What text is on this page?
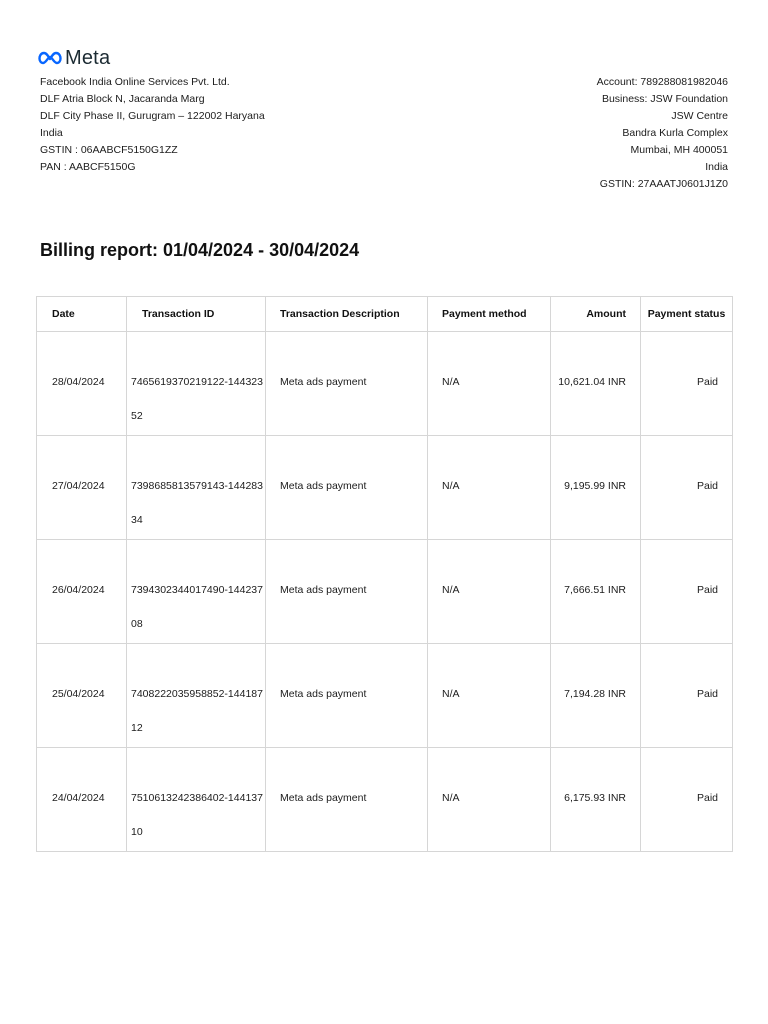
Meta
Facebook India Online Services Pvt. Ltd.
DLF Atria Block N, Jacaranda Marg
DLF City Phase II, Gurugram – 122002 Haryana
India
GSTIN : 06AABCF5150G1ZZ
PAN : AABCF5150G
Account: 789288081982046
Business: JSW Foundation
JSW Centre
Bandra Kurla Complex
Mumbai, MH 400051
India
GSTIN: 27AAATJ0601J1Z0
Billing report: 01/04/2024 - 30/04/2024
Date	Transaction ID	Transaction Description	Payment method	Amount	Payment status

28/04/2024	7465619370219122-144323
52	Meta ads payment	N/A	10,621.04 INR	Paid

27/04/2024	7398685813579143-144283
34	Meta ads payment	N/A	9,195.99 INR	Paid

26/04/2024	7394302344017490-144237
08	Meta ads payment	N/A	7,666.51 INR	Paid

25/04/2024	7408222035958852-144187
12	Meta ads payment	N/A	7,194.28 INR	Paid

24/04/2024	7510613242386402-144137
10	Meta ads payment	N/A	6,175.93 INR	Paid
